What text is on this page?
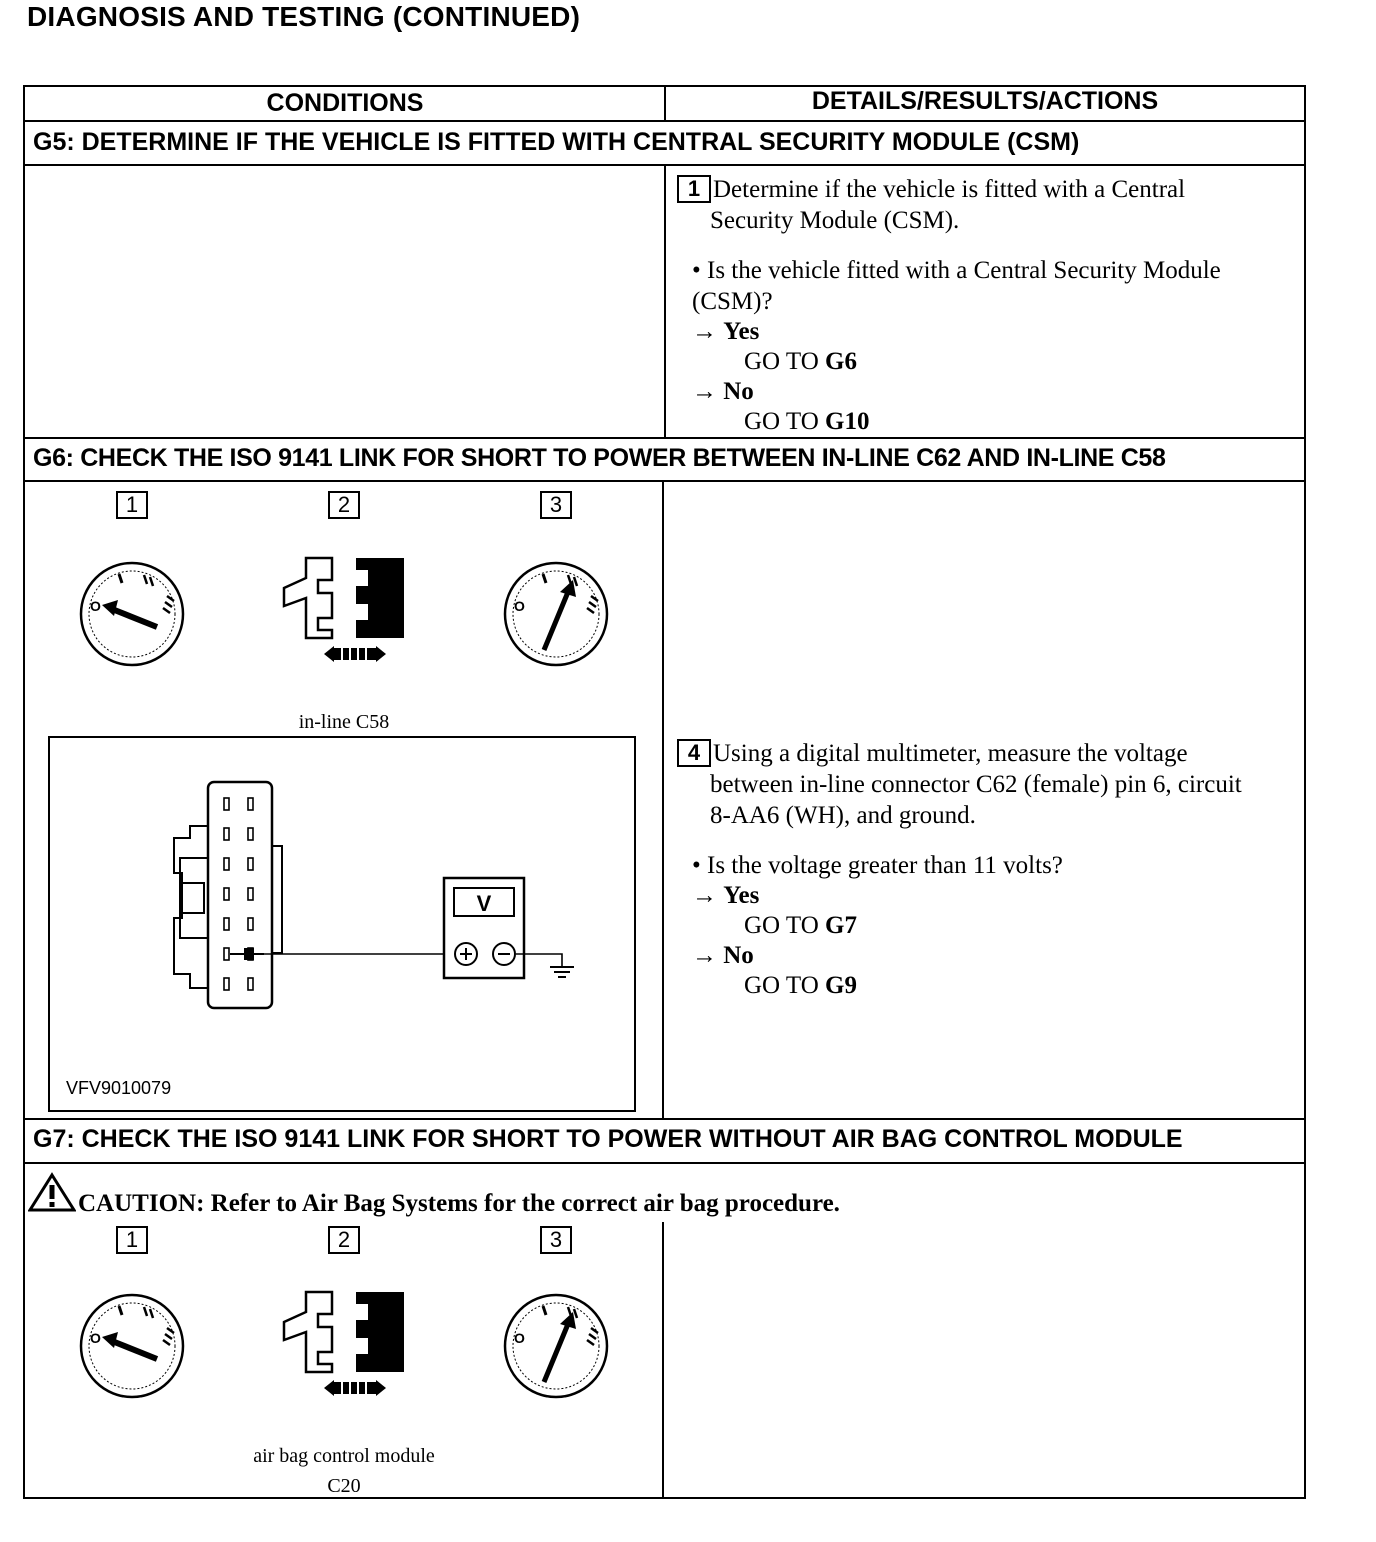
DIAGNOSIS AND TESTING (CONTINUED)
CONDITIONS	DETAILS/RESULTS/ACTIONS
G5: DETERMINE IF THE VEHICLE IS FITTED WITH CENTRAL SECURITY MODULE (CSM)
1 Determine if the vehicle is fitted with a Central
Security Module (CSM).
• Is the vehicle fitted with a Central Security Module
(CSM)?
→ Yes
GO TO G6
→ No
GO TO G10
G6: CHECK THE ISO 9141 LINK FOR SHORT TO POWER BETWEEN IN-LINE C62 AND IN-LINE C58
1	2	3
in-line C58
V
VFV9010079
4 Using a digital multimeter, measure the voltage
between in-line connector C62 (female) pin 6, circuit
8-AA6 (WH), and ground.
• Is the voltage greater than 11 volts?
→ Yes
GO TO G7
→ No
GO TO G9
G7: CHECK THE ISO 9141 LINK FOR SHORT TO POWER WITHOUT AIR BAG CONTROL MODULE
CAUTION: Refer to Air Bag Systems for the correct air bag procedure.
1	2	3
air bag control module
C20
